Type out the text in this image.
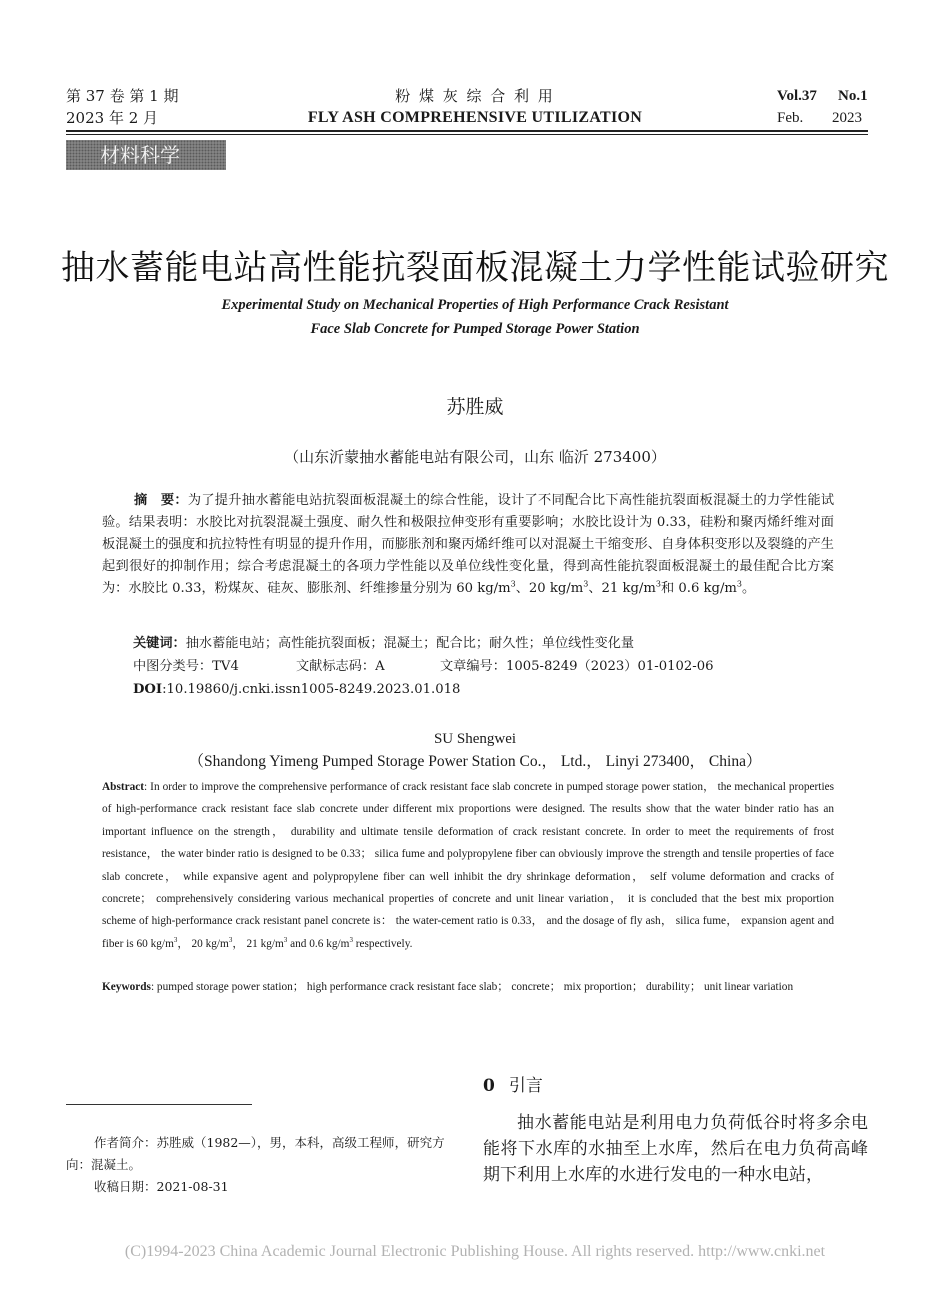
第 37 卷 第 1 期
2023 年 2 月
粉 煤 灰 综 合 利 用
FLY ASH COMPREHENSIVE UTILIZATION
Vol.37 No.1
Feb. 2023
材料科学
抽水蓄能电站高性能抗裂面板混凝土力学性能试验研究
Experimental Study on Mechanical Properties of High Performance Crack Resistant
Face Slab Concrete for Pumped Storage Power Station
苏胜威
（山东沂蒙抽水蓄能电站有限公司，山东 临沂 273400）
摘　要：为了提升抽水蓄能电站抗裂面板混凝土的综合性能，设计了不同配合比下高性能抗裂面板混凝土的力学性能试验。结果表明：水胶比对抗裂混凝土强度、耐久性和极限拉伸变形有重要影响；水胶比设计为 0.33，硅粉和聚丙烯纤维对面板混凝土的强度和抗拉特性有明显的提升作用，而膨胀剂和聚丙烯纤维可以对混凝土干缩变形、自身体积变形以及裂缝的产生起到很好的抑制作用；综合考虑混凝土的各项力学性能以及单位线性变化量，得到高性能抗裂面板混凝土的最佳配合比方案为：水胶比 0.33，粉煤灰、硅灰、膨胀剂、纤维掺量分别为 60 $kg/m^3$、20 $kg/m^3$、21 $kg/m^3$和 0.6 $kg/m^3$。
关键词：抽水蓄能电站；高性能抗裂面板；混凝土；配合比；耐久性；单位线性变化量
中图分类号：TV4	文献标志码：A	文章编号：1005-8249（2023）01-0102-06
DOI:10.19860/j.cnki.issn1005-8249.2023.01.018
SU Shengwei
（Shandong Yimeng Pumped Storage Power Station Co.， Ltd.， Linyi 273400， China）
Abstract: In order to improve the comprehensive performance of crack resistant face slab concrete in pumped storage power station， the mechanical properties of high-performance crack resistant face slab concrete under different mix proportions were designed. The results show that the water binder ratio has an important influence on the strength， durability and ultimate tensile deformation of crack resistant concrete. In order to meet the requirements of frost resistance， the water binder ratio is designed to be 0.33； silica fume and polypropylene fiber can obviously improve the strength and tensile properties of face slab concrete， while expansive agent and polypropylene fiber can well inhibit the dry shrinkage deformation， self volume deformation and cracks of concrete； comprehensively considering various mechanical properties of concrete and unit linear variation， it is concluded that the best mix proportion scheme of high-performance crack resistant panel concrete is： the water-cement ratio is 0.33， and the dosage of fly ash， silica fume， expansion agent and fiber is 60 $kg/m^3$， 20 $kg/m^3$， 21 $kg/m^3$ and 0.6 $kg/m^3$ respectively.
Keywords: pumped storage power station； high performance crack resistant face slab； concrete； mix proportion； durability； unit linear variation
0 引言
抽水蓄能电站是利用电力负荷低谷时将多余电能将下水库的水抽至上水库，然后在电力负荷高峰期下利用上水库的水进行发电的一种水电站，
作者简介：苏胜威（1982—），男，本科，高级工程师，研究方向：混凝土。
收稿日期：2021-08-31
(C)1994-2023 China Academic Journal Electronic Publishing House. All rights reserved. http://www.cnki.net
